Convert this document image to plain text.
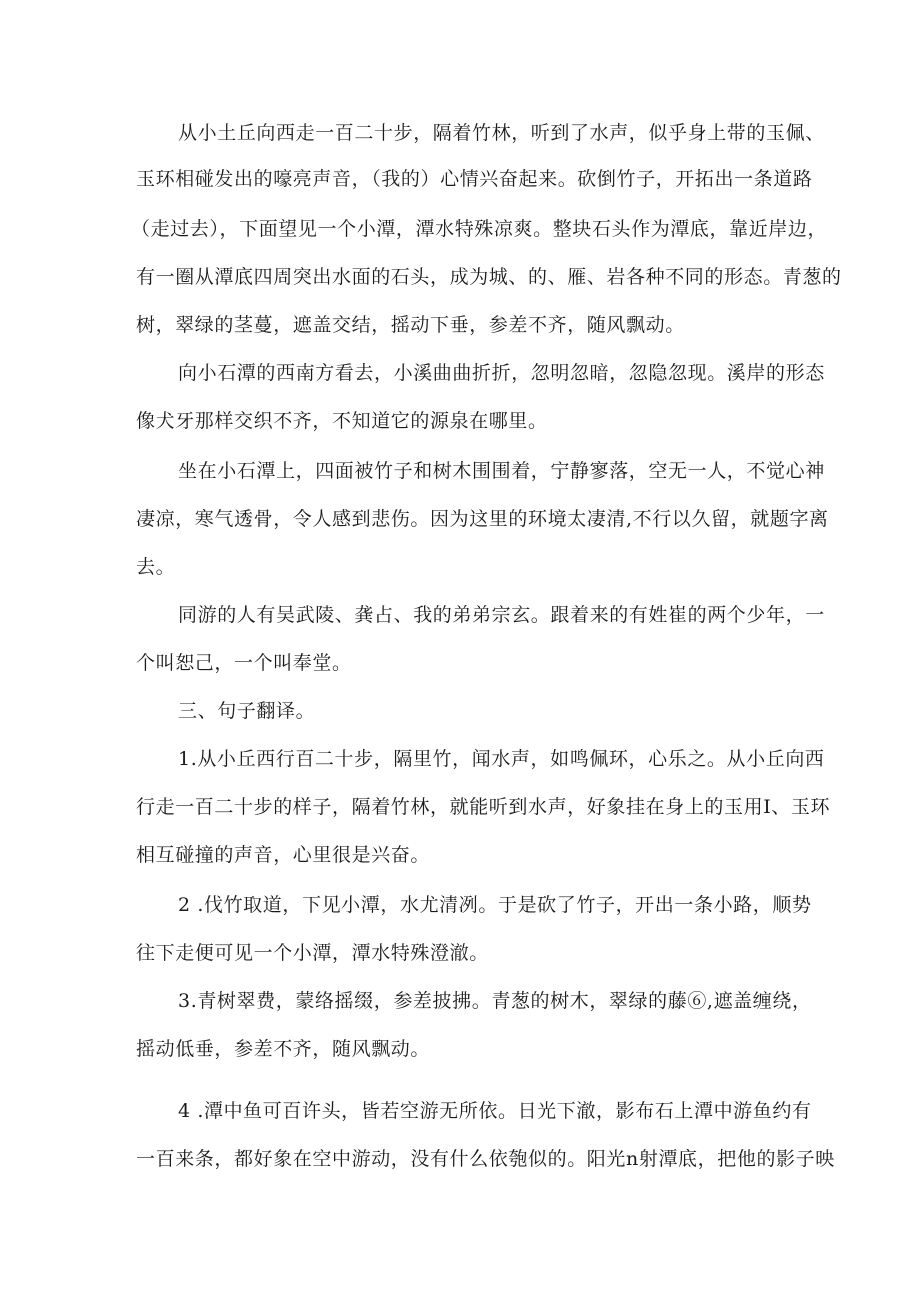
从小土丘向西走一百二十步，隔着竹林，听到了水声，似乎身上带的玉佩、
玉环相碰发出的嚎亮声音，（我的）心情兴奋起来。砍倒竹子，开拓出一条道路
（走过去），下面望见一个小潭，潭水特殊凉爽。整块石头作为潭底，靠近岸边，
有一圈从潭底四周突出水面的石头，成为城、的、雁、岩各种不同的形态。青葱的
树，翠绿的茎蔓，遮盖交结，摇动下垂，参差不齐，随风飘动。
向小石潭的西南方看去，小溪曲曲折折，忽明忽暗，忽隐忽现。溪岸的形态
像犬牙那样交织不齐，不知道它的源泉在哪里。
坐在小石潭上，四面被竹子和树木围围着，宁静寥落，空无一人，不觉心神
凄凉，寒气透骨，令人感到悲伤。因为这里的环境太凄清,不行以久留，就题字离
去。
同游的人有吴武陵、龚占、我的弟弟宗玄。跟着来的有姓崔的两个少年，一
个叫恕己，一个叫奉堂。
三、句子翻译。
1.从小丘西行百二十步，隔里竹，闻水声，如鸣佩环，心乐之。从小丘向西
行走一百二十步的样子，隔着竹林，就能听到水声，好象挂在身上的玉用I、玉环
相互碰撞的声音，心里很是兴奋。
2 .伐竹取道，下见小潭，水尤清冽。于是砍了竹子，开出一条小路，顺势
往下走便可见一个小潭，潭水特殊澄澈。
3.青树翠费，蒙络摇缀，参差披拂。青葱的树木，翠绿的藤⑥,遮盖缠绕，
摇动低垂，参差不齐，随风飘动。
4 .潭中鱼可百许头，皆若空游无所依。日光下澈，影布石上潭中游鱼约有
一百来条，都好象在空中游动，没有什么依匏似的。阳光n射潭底，把他的影子映
